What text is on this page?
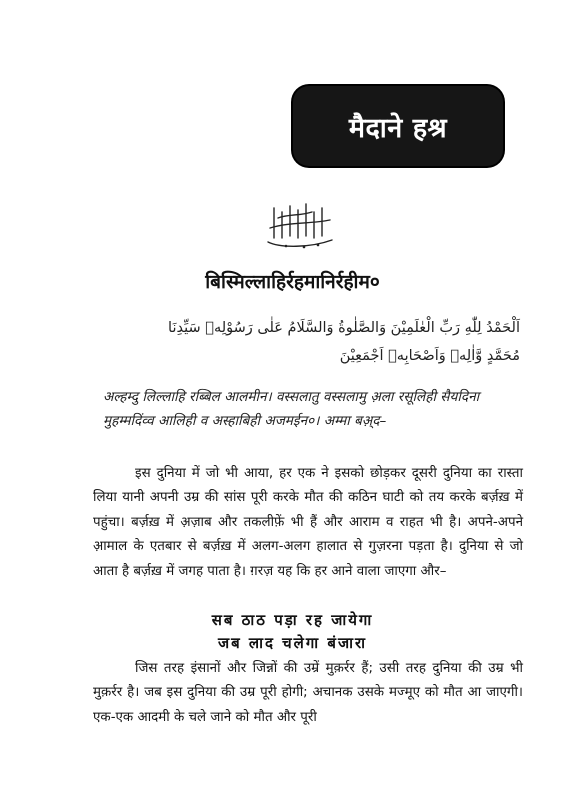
मैदाने हश्र
बिस्मिल्लाहिर्रहमानिर्रहीम०
اَلْحَمْدُ لِلّٰهِ رَبِّ الْعٰلَمِيْنَ وَالصَّلٰوةُ وَالسَّلَامُ عَلٰى رَسُوْلِهٖ سَيِّدِنَا
مُحَمَّدٍ وَّاٰلِهٖ وَاَصْحَابِهٖ اَجْمَعِيْنَ
अल्हम्दु लिल्लाहि रब्बिल आलमीन। वस्सलातु वस्सलामु अ़ला रसूलिही सैयदिना मुहम्मदिंव्व आलिही व अस्हाबिही अजमईन०। अम्मा बअ़्द–
इस दुनिया में जो भी आया, हर एक ने इसको छोड़कर दूसरी दुनिया का रास्ता लिया यानी अपनी उम्र की सांस पूरी करके मौत की कठिन घाटी को तय करके बर्ज़ख़ में पहुंचा। बर्ज़ख़ में अ़ज़ाब और तकलीफ़ें भी हैं और आराम व राहत भी है। अपने-अपने आ़माल के एतबार से बर्ज़ख़ में अलग-अलग हालात से गुज़रना पड़ता है। दुनिया से जो आता है बर्ज़ख़ में जगह पाता है। ग़रज़ यह कि हर आने वाला जाएगा और–
सब ठाठ पड़ा रह जायेगा
जब लाद चलेगा बंजारा
जिस तरह इंसानों और जिन्नों की उम्रें मुक़र्रर हैं; उसी तरह दुनिया की उम्र भी मुक़र्रर है। जब इस दुनिया की उम्र पूरी होगी; अचानक उसके मज्मूए को मौत आ जाएगी। एक-एक आदमी के चले जाने को मौत और पूरी
